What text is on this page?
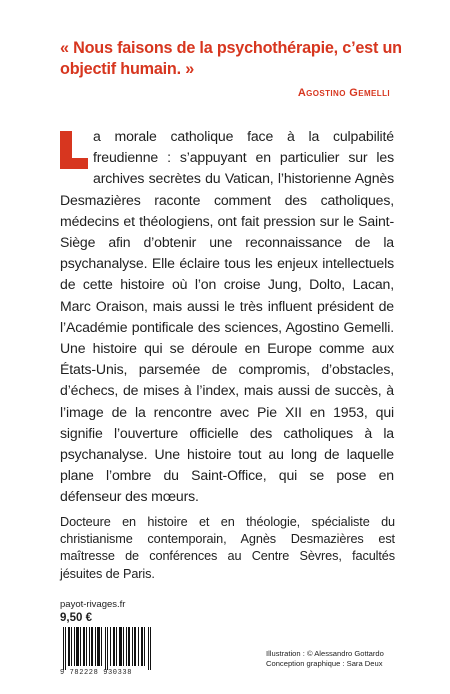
« Nous faisons de la psychothérapie, c’est un objectif humain. »
Agostino Gemelli
a morale catholique face à la culpabilité freudienne : s’appuyant en particulier sur les archives secrètes du Vatican, l’historienne Agnès Desmazières raconte comment des catholiques, médecins et théologiens, ont fait pression sur le Saint-Siège afin d’obtenir une reconnaissance de la psychanalyse. Elle éclaire tous les enjeux intellectuels de cette histoire où l’on croise Jung, Dolto, Lacan, Marc Oraison, mais aussi le très influent président de l’Académie pontificale des sciences, Agostino Gemelli. Une histoire qui se déroule en Europe comme aux États-Unis, parsemée de compromis, d’obstacles, d’échecs, de mises à l’index, mais aussi de succès, à l’image de la rencontre avec Pie XII en 1953, qui signifie l’ouverture officielle des catholiques à la psychanalyse. Une histoire tout au long de laquelle plane l’ombre du Saint-Office, qui se pose en défenseur des mœurs.
Docteure en histoire et en théologie, spécialiste du christianisme contemporain, Agnès Desmazières est maîtresse de conférences au Centre Sèvres, facultés jésuites de Paris.
payot-rivages.fr
9,50 €
9 782228 930338
Illustration : © Alessandro Gottardo
Conception graphique : Sara Deux
